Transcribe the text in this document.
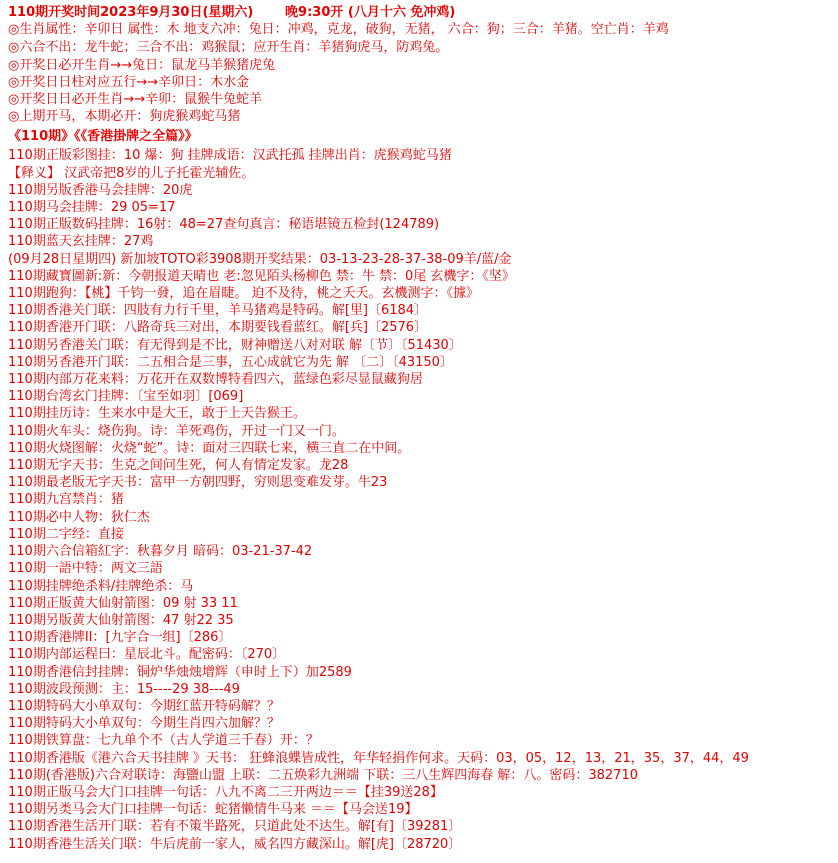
110期开奖时间2023年9月30日(星期六) 晚9:30开 (八月十六 免冲鸡)
◎生肖属性：辛卯日 属性：木 地支六冲：兔日：冲鸡，克龙，破狗，无猪， 六合：狗；三合：羊猪。空亡肖：羊鸡
◎六合不出：龙牛蛇；三合不出：鸡猴鼠；应开生肖：羊猪狗虎马，防鸡兔。
◎开奖日必开生肖→→兔日：鼠龙马羊猴猪虎兔
◎开奖日日柱对应五行→→辛卯日：木水金
◎开奖日日必开生肖→→辛卯：鼠猴牛兔蛇羊
◎上期开马，本期必开：狗虎猴鸡蛇马猪
《110期》《《香港掛牌之全篇》》
110期正版彩图挂：10 爆：狗 挂牌成语：汉武托孤 挂牌出肖：虎猴鸡蛇马猪
【释义】 汉武帝把8岁的儿子托霍光辅佐。
110期另版香港马会挂牌：20虎
110期马会挂牌：29 05=17
110期正版数码挂牌：16射：48=27查句真言：秘语堪镜五检封(124789)
110期蓝天玄挂牌：27鸡
(09月28日星期四) 新加坡TOTO彩3908期开奖结果：03-13-23-28-37-38-09羊/蓝/金
110期藏寶圖新:新：今朝报道天晴也 老:忽见陌头杨柳色 禁：牛 禁：0尾 玄機字：《坚》
110期跑狗：【桃】千钧一發，追在眉睫。 迫不及待，桃之夭夭。玄機测字：《據》
110期香港关门联：四肢有力行千里，羊马猪鸡是特码。解[里]〔6184〕
110期香港开门联：八路奇兵三对出，本期要钱看蓝红。解[兵]〔2576〕
110期另香港关门联：有无得到是不比，财神赠送八对对联 解〔节〕〔51430〕
110期另香港开门联：二五相合是三事，五心成就它为先 解 〔二〕〔43150〕
110期内部万花来料：万花开在双数博特看四六，蓝绿色彩尽显鼠藏狗居
110期台湾玄门挂牌：〔宝至如羽〕[069]
110期挂历诗：生来水中是大王，敢于上天告猴王。
110期火车头：烧伤狗。诗：羊死鸡伤，开过一门又一门。
110期火烧图解：火烧“蛇”。诗：面对三四联七来，横三直二在中间。
110期无字天书：生克之间问生死，何人有情定发家。龙28
110期最老版无字天书：富甲一方朝四野，穷则思变难发芽。牛23
110期九宫禁肖：猪
110期必中人物：狄仁杰
110期二字经：直接
110期六合信箱紅字：秋暮夕月 暗码：03-21-37-42
110期一語中特：两文三語
110期挂牌绝杀料/挂牌绝杀：马
110期正版黄大仙射箭图：09 射 33 11
110期另版黄大仙射箭图：47 射22 35
110期香港牌II：[九字合一组]〔286〕
110期内部运程曰：星辰北斗。配密码：〔270〕
110期香港信封挂牌：铜炉华烛烛增辉（申时上下）加2589
110期波段预测：主：15----29 38---49
110期特码大小单双句：今期红蓝开特码解？？
110期特码大小单双句：今期生肖四六加解？？
110期铁算盘：七九单个不（古人学道三千春）开：？
110期香港版《港六合天书挂牌 》天书： 狂蜂浪蝶皆成性，年华轻捐作何求。天码：03，05，12，13，21，35，37，44，49
110期(香港版)六合对联诗：海鹽山盟 上联：二五焕彩九洲端 下联：三八生辉四海春 解：八。密码：382710
110期正版马会大门口挂牌一句话：八九不离二三开两边＝＝【挂39送28】
110期另类马会大门口挂牌一句话：蛇猪懒情牛马来 ＝＝【马会送19】
110期香港生活开门联：若有不策半路死，只道此处不达生。解[有]〔39281〕
110期香港生活关门联：牛后虎前一家人，威名四方藏深山。解[虎]〔28720〕
